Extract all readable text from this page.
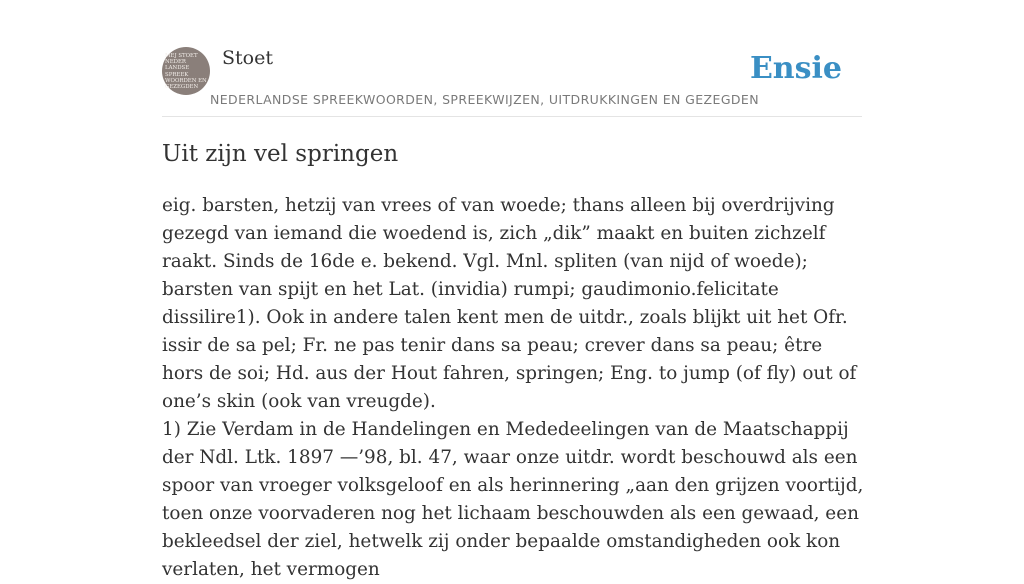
MEJ STOET
NEDER LANDSE SPREEK WOORDEN EN GEZEGDEN
Stoet
NEDERLANDSE SPREEKWOORDEN, SPREEKWIJZEN, UITDRUKKINGEN EN GEZEGDEN
Ensie
Uit zijn vel springen

eig. barsten, hetzij van vrees of van woede; thans alleen bij overdrijving gezegd van iemand die woedend is, zich „dik” maakt en buiten zichzelf raakt. Sinds de 16de e. bekend. Vgl. Mnl. spliten (van nijd of woede); barsten van spijt en het Lat. (invidia) rumpi; gaudimonio.felicitate dissilire1). Ook in andere talen kent men de uitdr., zoals blijkt uit het Ofr. issir de sa pel; Fr. ne pas tenir dans sa peau; crever dans sa peau; être hors de soi; Hd. aus der Hout fahren, springen; Eng. to jump (of fly) out of one’s skin (ook van vreugde).

1) Zie Verdam in de Handelingen en Mededeelingen van de Maatschappij der Ndl. Ltk. 1897 —’98, bl. 47, waar onze uitdr. wordt beschouwd als een spoor van vroeger volksgeloof en als herinnering „aan den grijzen voortijd, toen onze voorvaderen nog het lichaam beschouwden als een gewaad, een bekleedsel der ziel, hetwelk zij onder bepaalde omstandigheden ook kon verlaten, het vermogen
